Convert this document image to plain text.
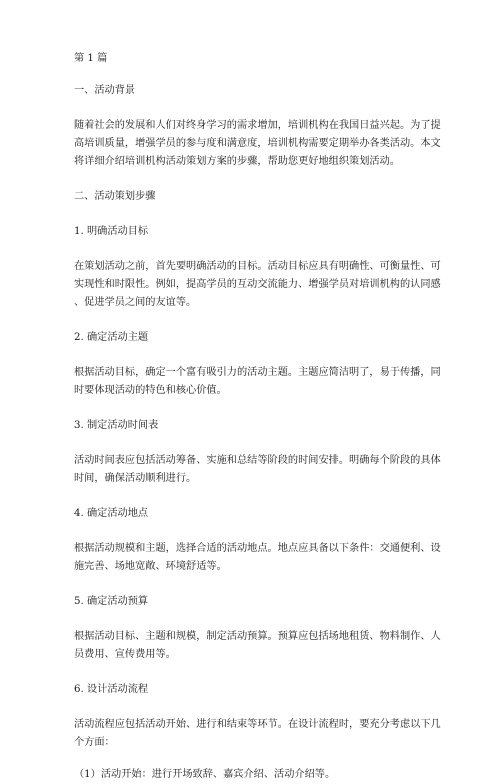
第 1 篇

一、活动背景

随着社会的发展和人们对终身学习的需求增加，培训机构在我国日益兴起。为了提
高培训质量，增强学员的参与度和满意度，培训机构需要定期举办各类活动。本文
将详细介绍培训机构活动策划方案的步骤，帮助您更好地组织策划活动。

二、活动策划步骤

1. 明确活动目标

在策划活动之前，首先要明确活动的目标。活动目标应具有明确性、可衡量性、可
实现性和时限性。例如，提高学员的互动交流能力、增强学员对培训机构的认同感
、促进学员之间的友谊等。

2. 确定活动主题

根据活动目标，确定一个富有吸引力的活动主题。主题应简洁明了，易于传播，同
时要体现活动的特色和核心价值。

3. 制定活动时间表

活动时间表应包括活动筹备、实施和总结等阶段的时间安排。明确每个阶段的具体
时间，确保活动顺利进行。

4. 确定活动地点

根据活动规模和主题，选择合适的活动地点。地点应具备以下条件：交通便利、设
施完善、场地宽敞、环境舒适等。

5. 确定活动预算

根据活动目标、主题和规模，制定活动预算。预算应包括场地租赁、物料制作、人
员费用、宣传费用等。

6. 设计活动流程

活动流程应包括活动开始、进行和结束等环节。在设计流程时，要充分考虑以下几
个方面：

（1）活动开始：进行开场致辞、嘉宾介绍、活动介绍等。
